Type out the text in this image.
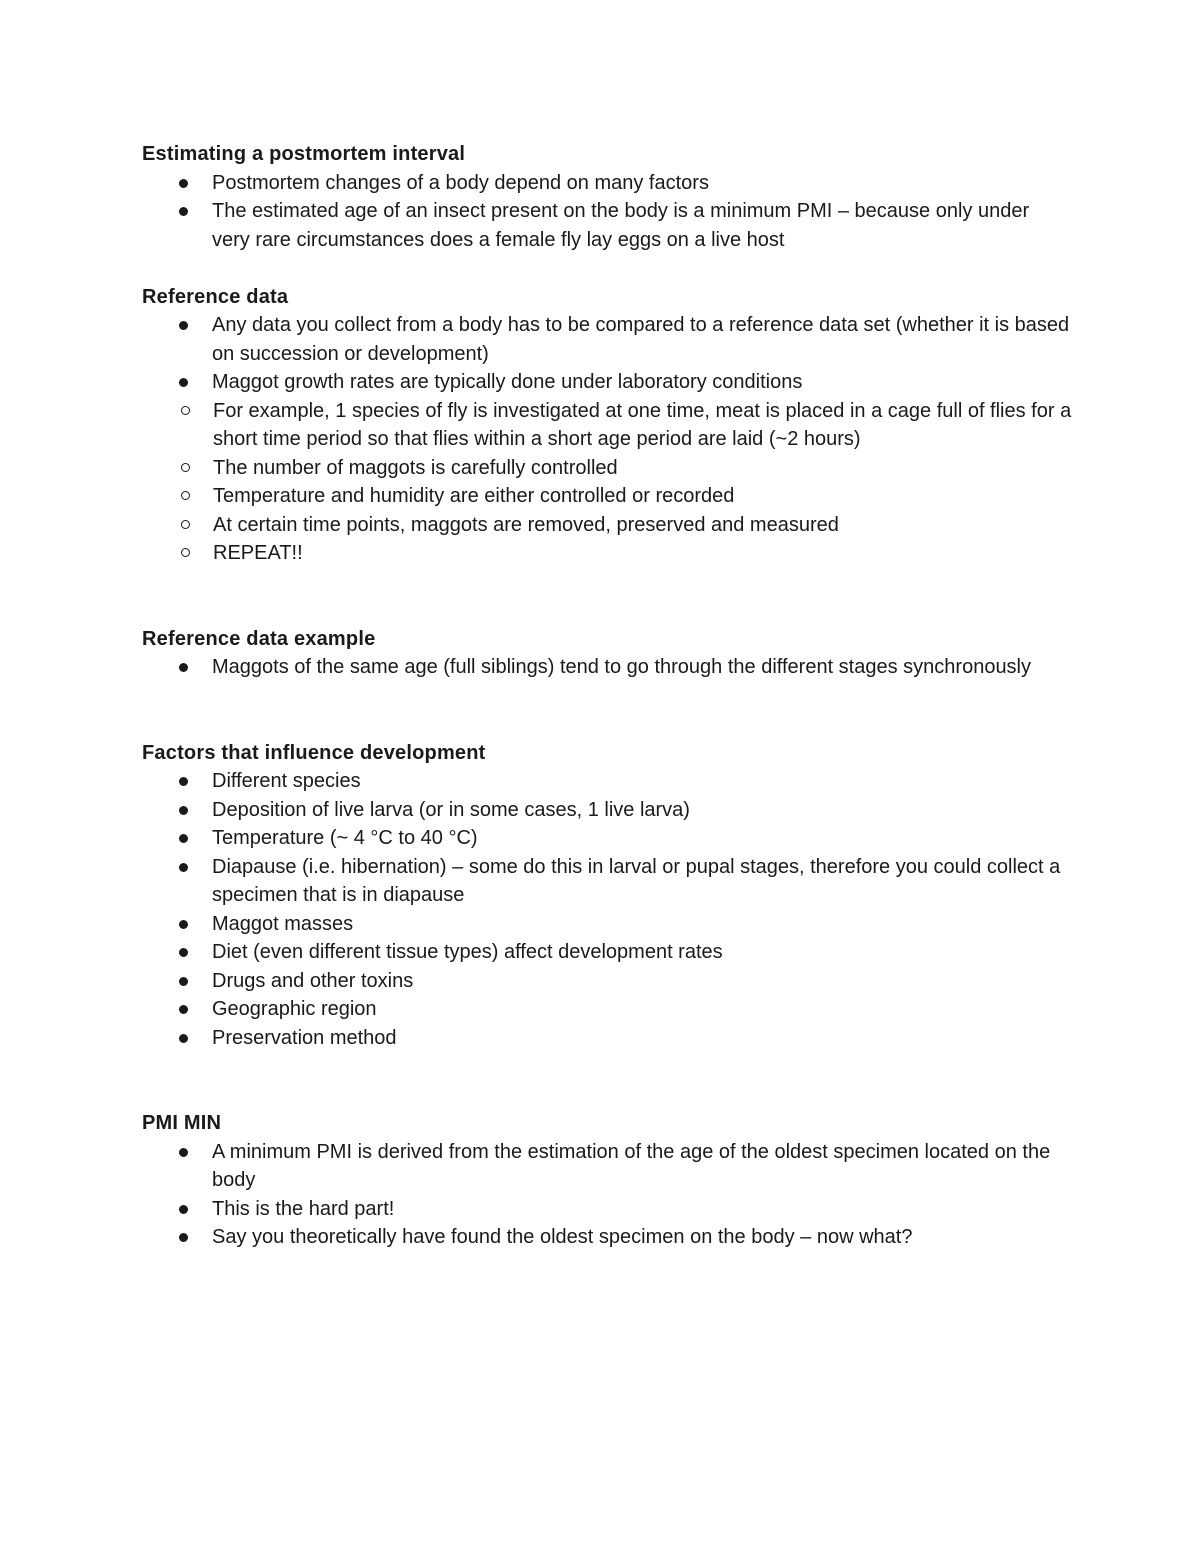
Estimating a postmortem interval

Postmortem changes of a body depend on many factors
The estimated age of an insect present on the body is a minimum PMI – because only under very rare circumstances does a female fly lay eggs on a live host

Reference data

Any data you collect from a body has to be compared to a reference data set (whether it is based on succession or development)
Maggot growth rates are typically done under laboratory conditions
For example, 1 species of fly is investigated at one time, meat is placed in a cage full of flies for a short time period so that flies within a short age period are laid (~2 hours)
The number of maggots is carefully controlled
Temperature and humidity are either controlled or recorded
At certain time points, maggots are removed, preserved and measured
REPEAT!!

Reference data example

Maggots of the same age (full siblings) tend to go through the different stages synchronously

Factors that influence development

Different species
Deposition of live larva (or in some cases, 1 live larva)
Temperature (~ 4 °C to 40 °C)
Diapause (i.e. hibernation) – some do this in larval or pupal stages, therefore you could collect a specimen that is in diapause
Maggot masses
Diet (even different tissue types) affect development rates
Drugs and other toxins
Geographic region
Preservation method

PMI MIN

A minimum PMI is derived from the estimation of the age of the oldest specimen located on the body
This is the hard part!
Say you theoretically have found the oldest specimen on the body – now what?
